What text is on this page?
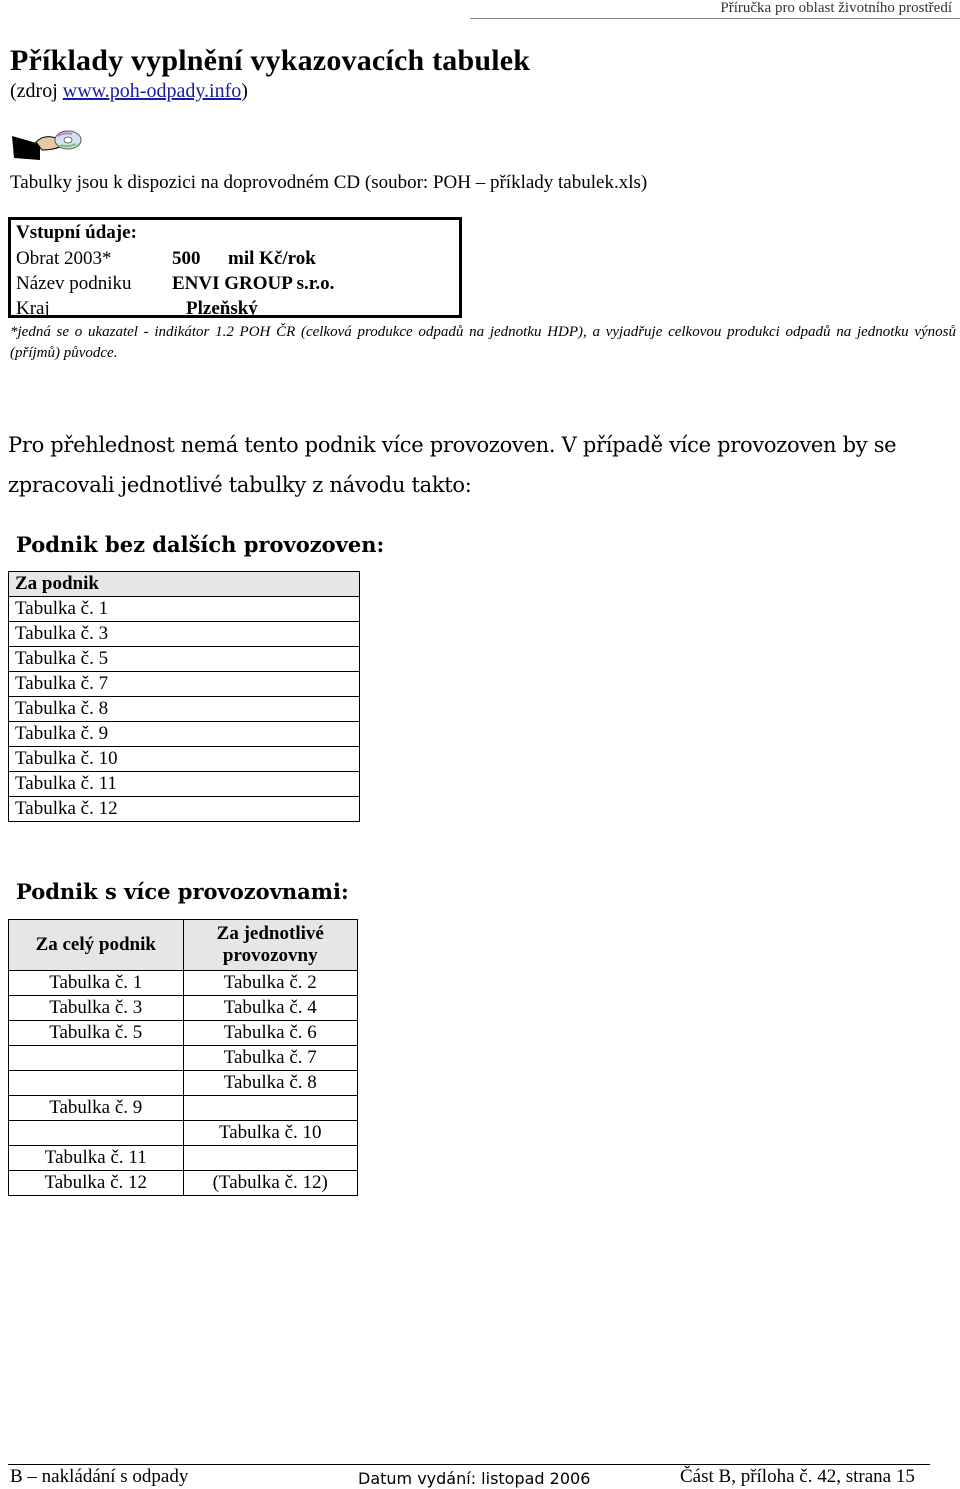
Příručka pro oblast životního prostředí
Příklady vyplnění vykazovacích tabulek
(zdroj www.poh-odpady.info)
Tabulky jsou k dispozici na doprovodném CD (soubor: POH – příklady tabulek.xls)
Vstupní údaje:
Obrat 2003*	500 mil Kč/rok
Název podniku ENVI GROUP s.r.o.
Kraj	Plzeňský
*jedná se o ukazatel - indikátor 1.2 POH ČR (celková produkce odpadů na jednotku HDP), a vyjadřuje celkovou produkci odpadů na jednotku výnosů (příjmů) původce.
Pro přehlednost nemá tento podnik více provozoven. V případě více provozoven by se zpracovali jednotlivé tabulky z návodu takto:
Podnik bez dalších provozoven:
Za podnik
Tabulka č. 1
Tabulka č. 3
Tabulka č. 5
Tabulka č. 7
Tabulka č. 8
Tabulka č. 9
Tabulka č. 10
Tabulka č. 11
Tabulka č. 12
Podnik s více provozovnami:
Za celý podnik	Za jednotlivé provozovny
Tabulka č. 1	Tabulka č. 2
Tabulka č. 3	Tabulka č. 4
Tabulka č. 5	Tabulka č. 6
	Tabulka č. 7
	Tabulka č. 8
Tabulka č. 9	
	Tabulka č. 10
Tabulka č. 11	
Tabulka č. 12	(Tabulka č. 12)
B – nakládání s odpady	Datum vydání: listopad 2006	Část B, příloha č. 42, strana 15
